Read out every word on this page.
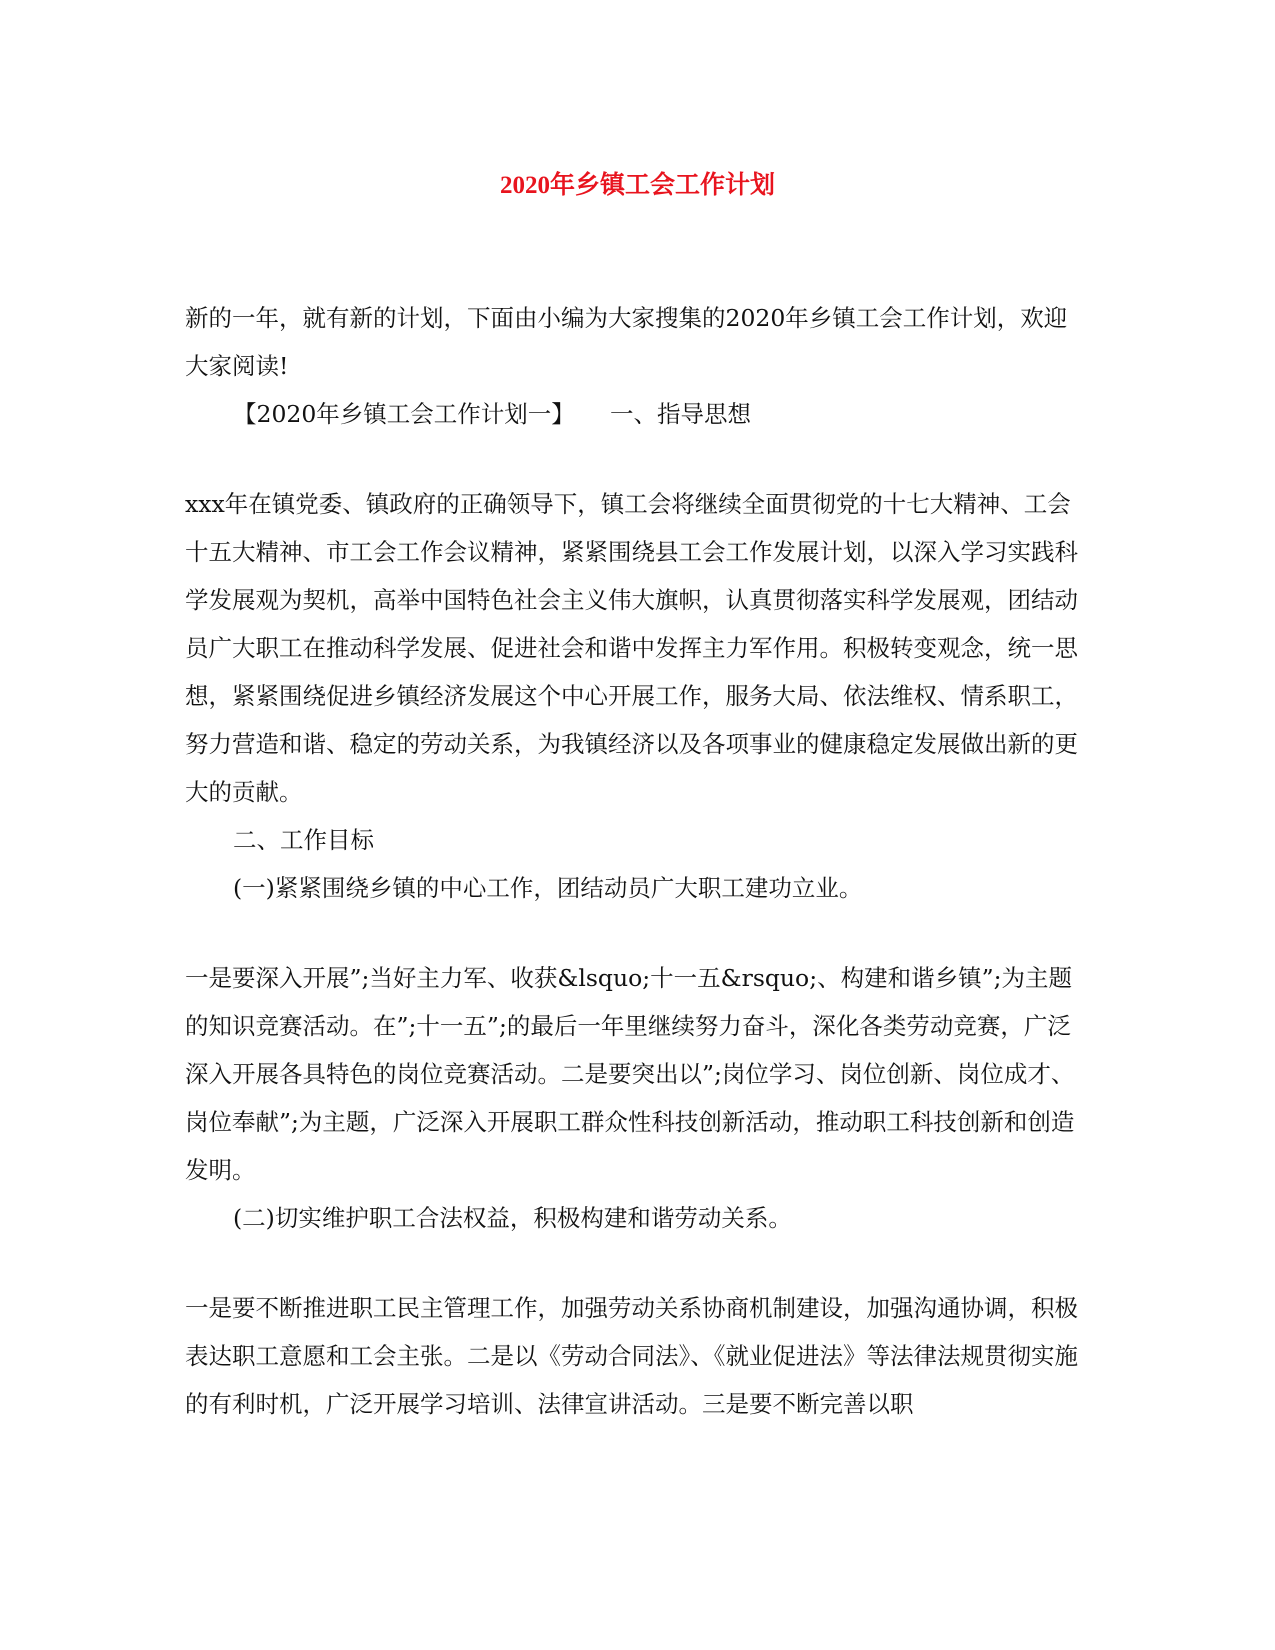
2020年乡镇工会工作计划

新的一年，就有新的计划，下面由小编为大家搜集的2020年乡镇工会工作计划，欢迎大家阅读!

【2020年乡镇工会工作计划一】　　一、指导思想

xxx年在镇党委、镇政府的正确领导下，镇工会将继续全面贯彻党的十七大精神、工会十五大精神、市工会工作会议精神，紧紧围绕县工会工作发展计划，以深入学习实践科学发展观为契机，高举中国特色社会主义伟大旗帜，认真贯彻落实科学发展观，团结动员广大职工在推动科学发展、促进社会和谐中发挥主力军作用。积极转变观念，统一思想，紧紧围绕促进乡镇经济发展这个中心开展工作，服务大局、依法维权、情系职工，努力营造和谐、稳定的劳动关系，为我镇经济以及各项事业的健康稳定发展做出新的更大的贡献。

二、工作目标

(一)紧紧围绕乡镇的中心工作，团结动员广大职工建功立业。

一是要深入开展”;当好主力军、收获&lsquo;十一五&rsquo;、构建和谐乡镇”;为主题的知识竞赛活动。在”;十一五”;的最后一年里继续努力奋斗，深化各类劳动竞赛，广泛深入开展各具特色的岗位竞赛活动。二是要突出以”;岗位学习、岗位创新、岗位成才、岗位奉献”;为主题，广泛深入开展职工群众性科技创新活动，推动职工科技创新和创造发明。

(二)切实维护职工合法权益，积极构建和谐劳动关系。

一是要不断推进职工民主管理工作，加强劳动关系协商机制建设，加强沟通协调，积极表达职工意愿和工会主张。二是以《劳动合同法》、《就业促进法》等法律法规贯彻实施的有利时机，广泛开展学习培训、法律宣讲活动。三是要不断完善以职
